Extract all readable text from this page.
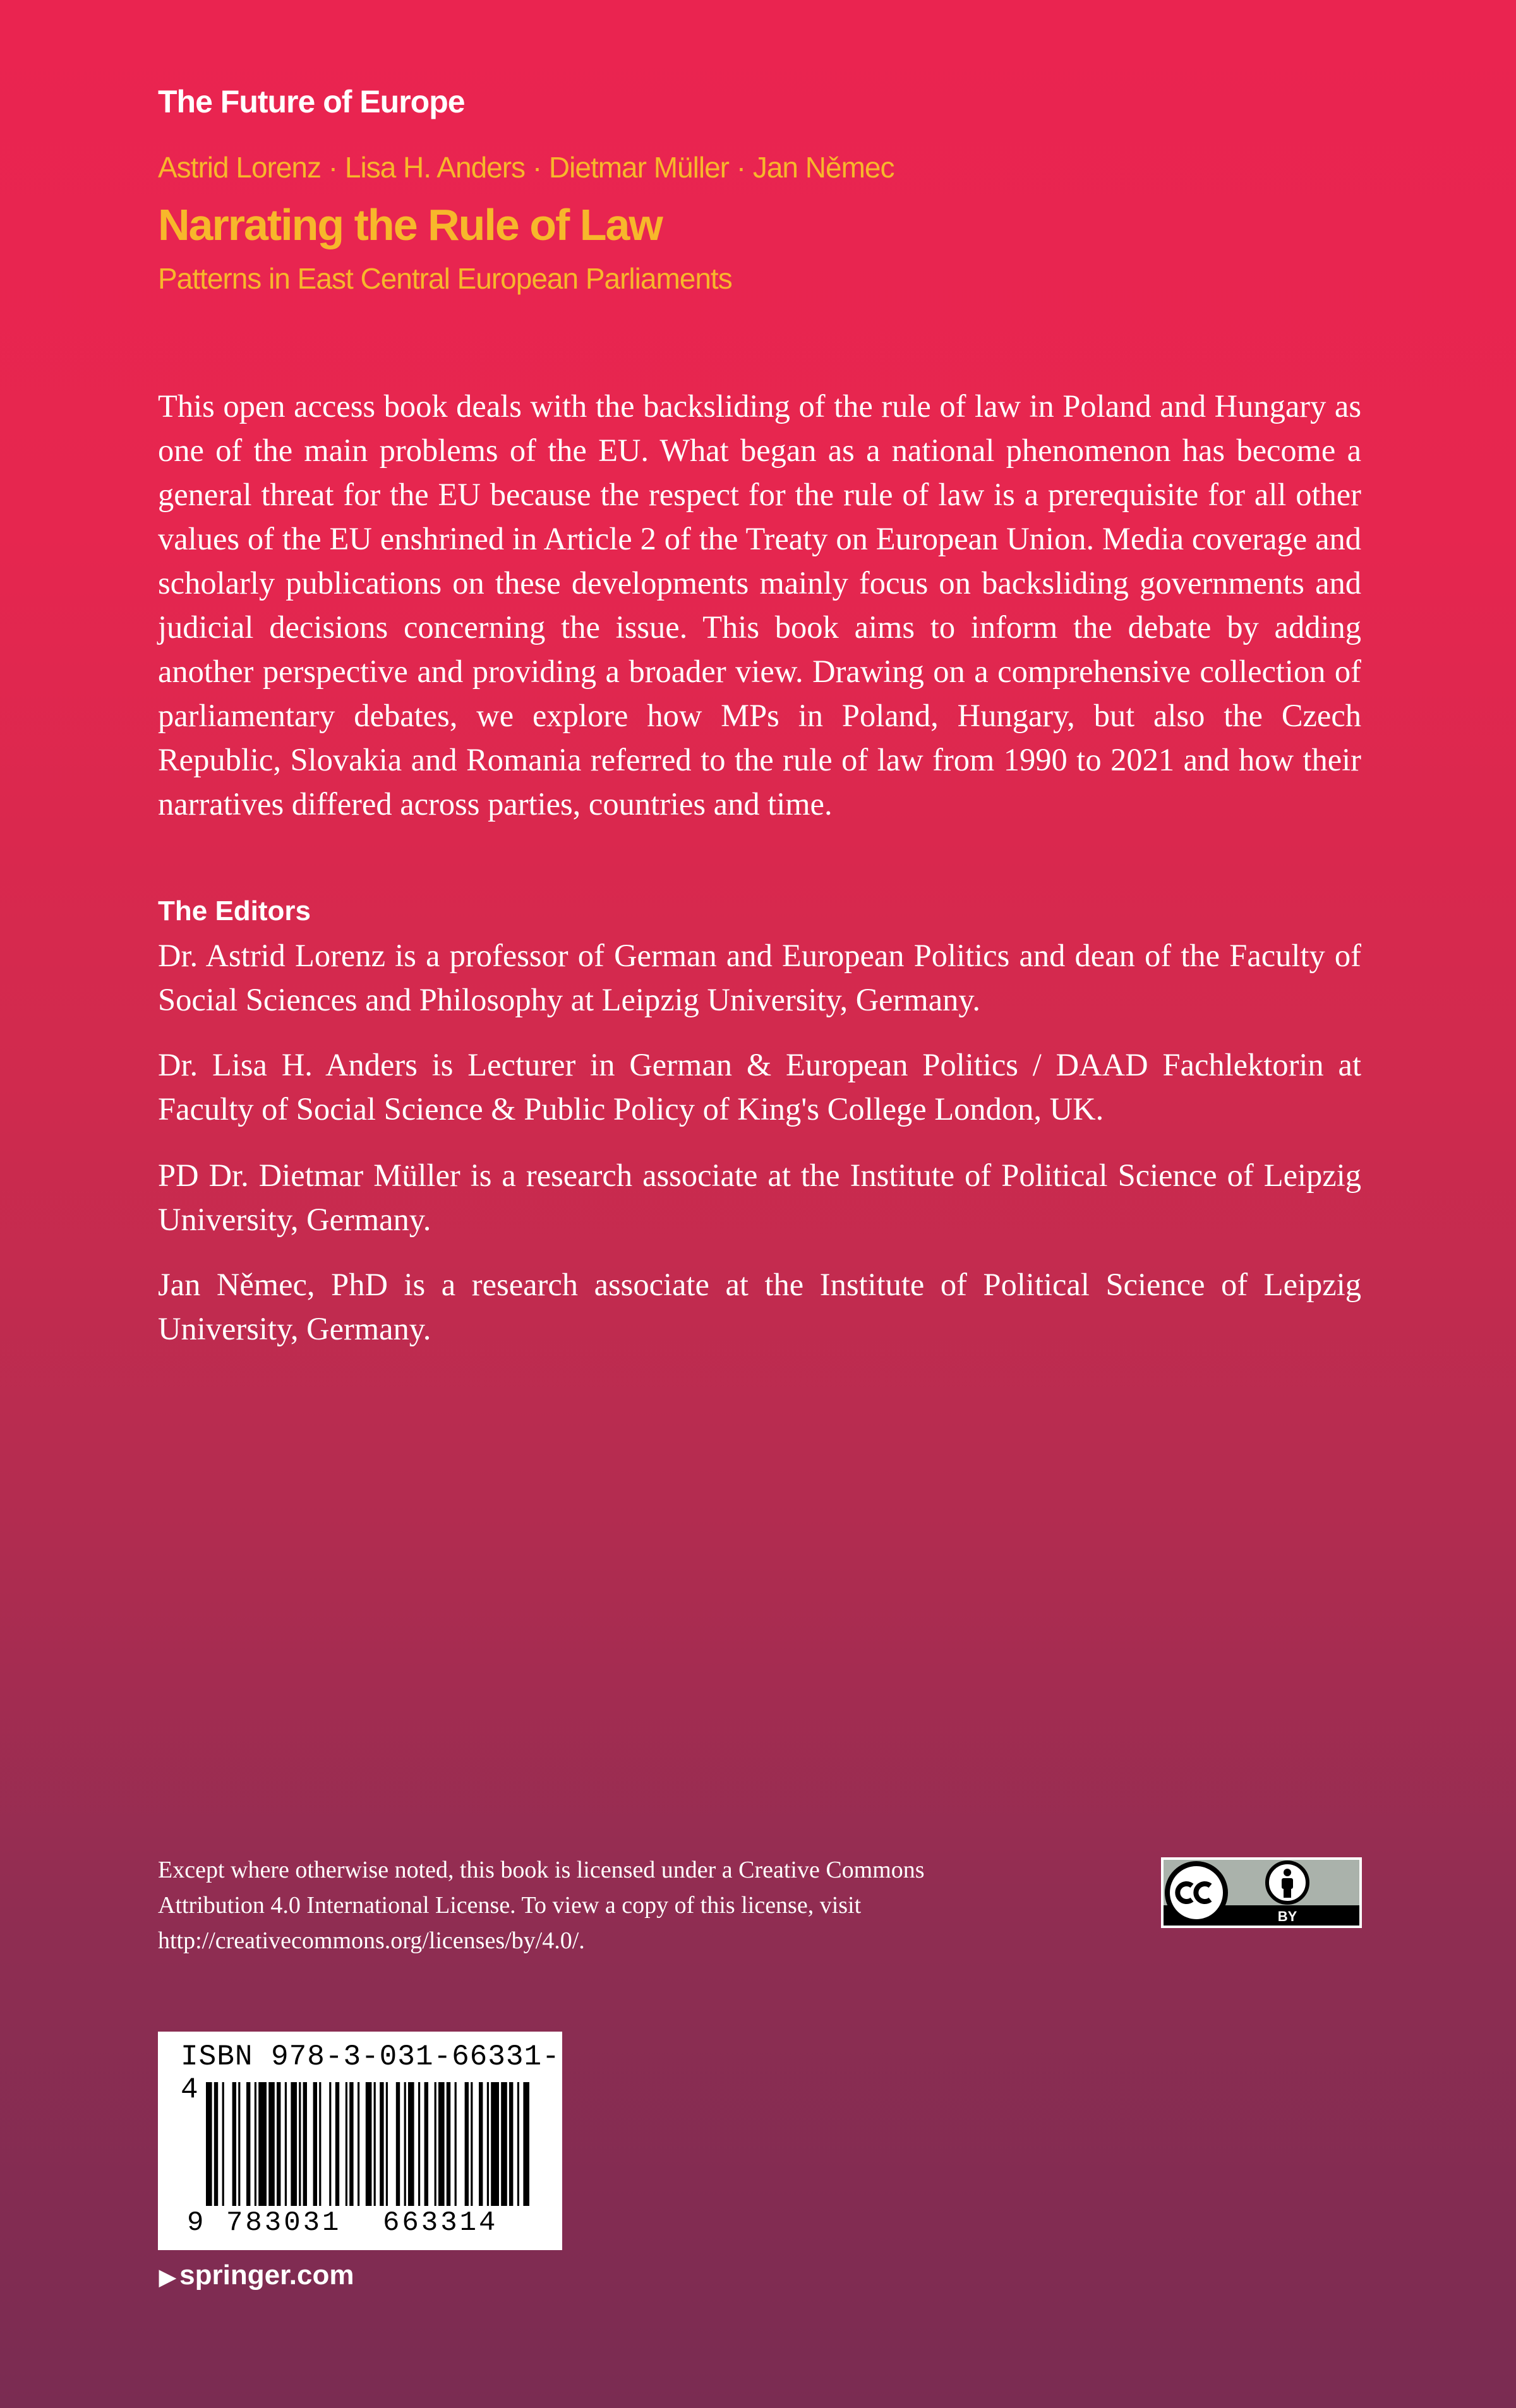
The Future of Europe
Astrid Lorenz · Lisa H. Anders · Dietmar Müller · Jan Němec
Narrating the Rule of Law
Patterns in East Central European Parliaments

This open access book deals with the backsliding of the rule of law in Poland and Hungary as one of the main problems of the EU. What began as a national phenomenon has become a general threat for the EU because the respect for the rule of law is a prerequisite for all other values of the EU enshrined in Article 2 of the Treaty on European Union. Media coverage and scholarly publications on these developments mainly focus on backsliding governments and judicial decisions concerning the issue. This book aims to inform the debate by adding another perspective and providing a broader view. Drawing on a comprehensive collection of parliamentary debates, we explore how MPs in Poland, Hungary, but also the Czech Republic, Slovakia and Romania referred to the rule of law from 1990 to 2021 and how their narratives differed across parties, countries and time.

The Editors

Dr. Astrid Lorenz is a professor of German and European Politics and dean of the Faculty of Social Sciences and Philosophy at Leipzig University, Germany.

Dr. Lisa H. Anders is Lecturer in German & European Politics / DAAD Fachlektorin at Faculty of Social Science & Public Policy of King's College London, UK.

PD Dr. Dietmar Müller is a research associate at the Institute of Political Science of Leipzig University, Germany.

Jan Němec, PhD is a research associate at the Institute of Political Science of Leipzig University, Germany.

Except where otherwise noted, this book is licensed under a Creative Commons Attribution 4.0 International License. To view a copy of this license, visit http://creativecommons.org/licenses/by/4.0/.

BY
ISBN 978-3-031-66331-4
9 783031 663314
▶ springer.com
